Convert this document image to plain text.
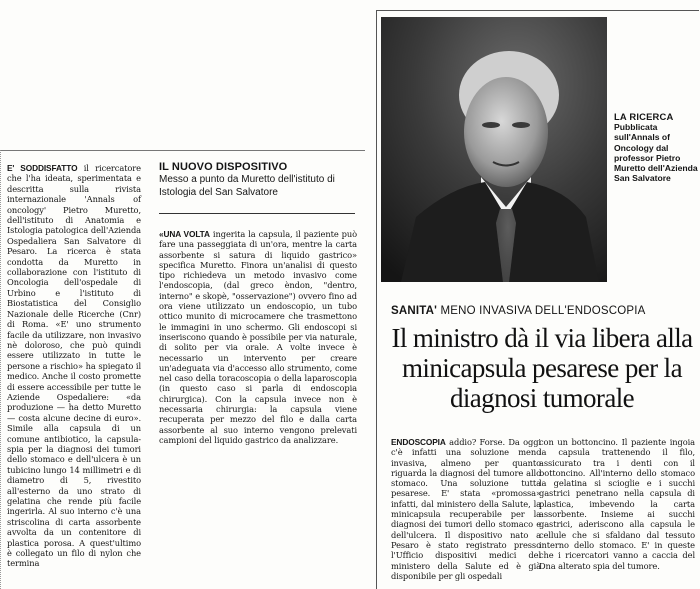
E' SODDISFATTO il ricercatore che l'ha ideata, sperimentata e descritta sulla rivista internazionale 'Annals of oncology' Pietro Muretto, dell'istituto di Anatomia e Istologia patologica dell'Azienda Ospedaliera San Salvatore di Pesaro. La ricerca è stata condotta da Muretto in collaborazione con l'istituto di Oncologia dell'ospedale di Urbino e l'istituto di Biostatistica del Consiglio Nazionale delle Ricerche (Cnr) di Roma. «E' uno strumento facile da utilizzare, non invasivo nè doloroso, che può quindi essere utilizzato in tutte le persone a rischio» ha spiegato il medico. Anche il costo promette di essere accessibile per tutte le Aziende Ospedaliere: «da produzione — ha detto Muretto — costa alcune decine di euro». Simile alla capsula di un comune antibiotico, la capsula-spia per la diagnosi dei tumori dello stomaco e dell'ulcera è un tubicino lungo 14 millimetri e di diametro di 5, rivestito all'esterno da uno strato di gelatina che rende più facile ingerirla. Al suo interno c'è una striscolina di carta assorbente avvolta da un contenitore di plastica porosa. A quest'ultimo è collegato un filo di nylon che termina
IL NUOVO DISPOSITIVO
Messo a punto da Muretto dell'istituto di Istologia del San Salvatore
«UNA VOLTA ingerita la capsula, il paziente può fare una passeggiata di un'ora, mentre la carta assorbente si satura di liquido gastrico» specifica Muretto. Finora un'analisi di questo tipo richiedeva un metodo invasivo come l'endoscopia, (dal greco èndon, "dentro, interno" e skopè, "osservazione") ovvero fino ad ora viene utilizzato un endoscopio, un tubo ottico munito di microcamere che trasmettono le immagini in uno schermo. Gli endoscopi si inseriscono quando è possibile per via naturale, di solito per via orale. A volte invece è necessario un intervento per creare un'adeguata via d'accesso allo strumento, come nel caso della toracoscopia o della laparoscopia (in questo caso si parla di endoscopia chirurgica). Con la capsula invece non è necessaria chirurgia: la capsula viene recuperata per mezzo del filo e dalla carta assorbente al suo interno vengono prelevati campioni del liquido gastrico da analizzare.
LA RICERCA
Pubblicata sull'Annals of Oncology dal professor Pietro Muretto dell'Azienda San Salvatore
SANITA' MENO INVASIVA DELL'ENDOSCOPIA
Il ministro dà il via libera alla minicapsula pesarese per la diagnosi tumorale
ENDOSCOPIA addio? Forse. Da oggi c'è infatti una soluzione meno invasiva, almeno per quanto riguarda la diagnosi del tumore allo stomaco. Una soluzione tutta pesarese. E' stata «promossa» infatti, dal ministero della Salute, la minicapsula recuperabile per la diagnosi dei tumori dello stomaco e dell'ulcera. Il dispositivo nato a Pesaro è stato registrato presso l'Ufficio dispositivi medici del ministero della Salute ed è già disponibile per gli ospedali
con un bottoncino. Il paziente ingoia la capsula trattenendo il filo, assicurato tra i denti con il bottoncino. All'interno dello stomaco la gelatina si scioglie e i succhi gastrici penetrano nella capsula di plastica, imbevendo la carta assorbente. Insieme ai succhi gastrici, aderiscono alla capsula le cellule che si sfaldano dal tessuto interno dello stomaco. E' in queste che i ricercatori vanno a caccia del Dna alterato spia del tumore.
